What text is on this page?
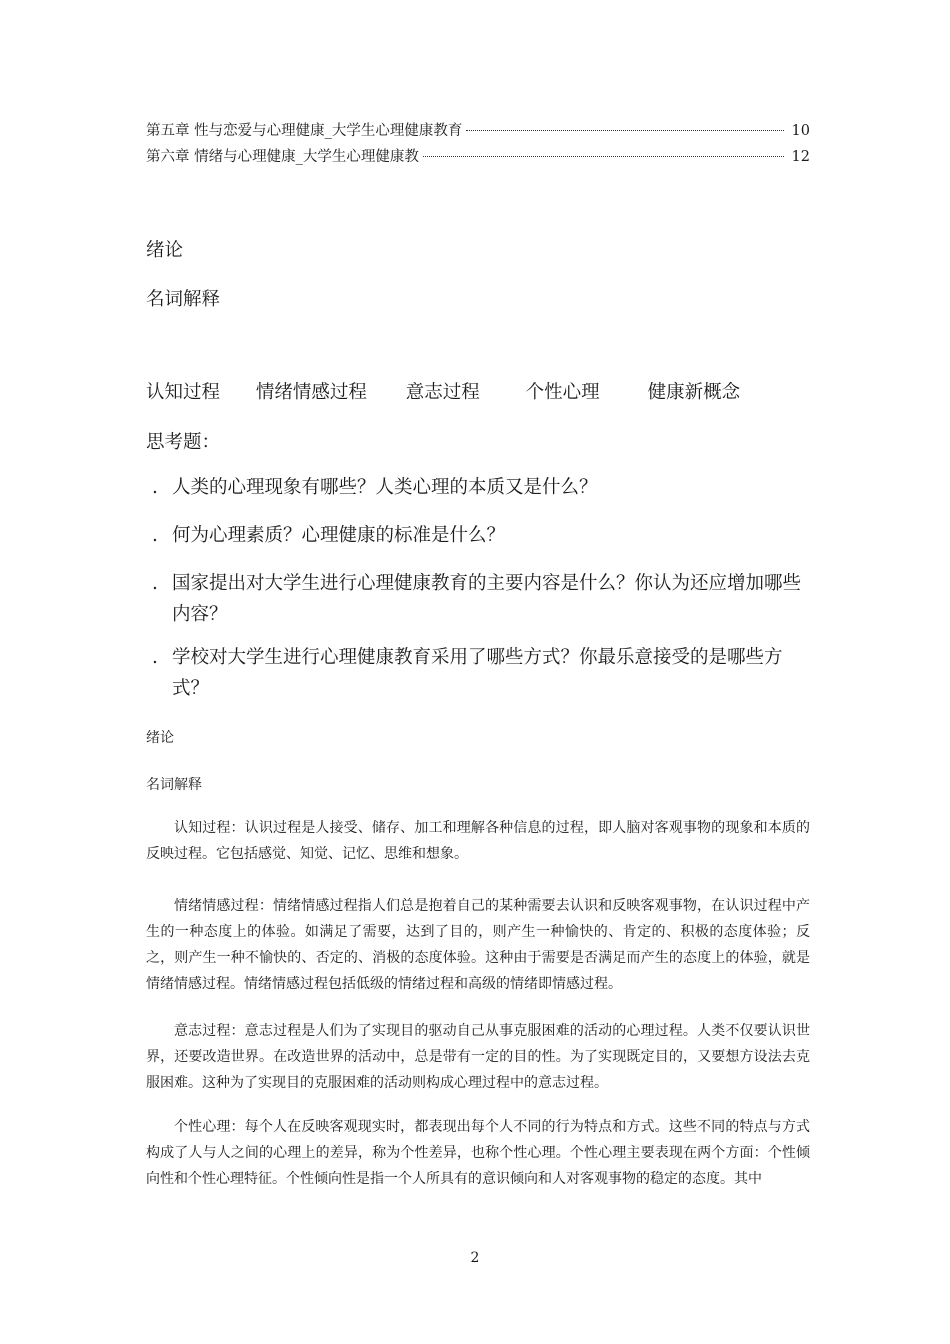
第五章 性与恋爱与心理健康_大学生心理健康教育	10
第六章 情绪与心理健康_大学生心理健康教	12
绪论
名词解释
认知过程 情绪情感过程 意志过程 个性心理	健康新概念
思考题：
. 人类的心理现象有哪些？人类心理的本质又是什么？
. 何为心理素质？心理健康的标准是什么？
. 国家提出对大学生进行心理健康教育的主要内容是什么？你认为还应增加哪些内容？
. 学校对大学生进行心理健康教育采用了哪些方式？你最乐意接受的是哪些方式？
绪论
名词解释

认知过程：认识过程是人接受、储存、加工和理解各种信息的过程，即人脑对客观事物的现象和本质的反映过程。它包括感觉、知觉、记忆、思维和想象。

情绪情感过程：情绪情感过程指人们总是抱着自己的某种需要去认识和反映客观事物，在认识过程中产生的一种态度上的体验。如满足了需要，达到了目的，则产生一种愉快的、肯定的、积极的态度体验；反之，则产生一种不愉快的、否定的、消极的态度体验。这种由于需要是否满足而产生的态度上的体验，就是情绪情感过程。情绪情感过程包括低级的情绪过程和高级的情绪即情感过程。

意志过程：意志过程是人们为了实现目的驱动自己从事克服困难的活动的心理过程。人类不仅要认识世界，还要改造世界。在改造世界的活动中，总是带有一定的目的性。为了实现既定目的，又要想方设法去克服困难。这种为了实现目的克服困难的活动则构成心理过程中的意志过程。

个性心理：每个人在反映客观现实时，都表现出每个人不同的行为特点和方式。这些不同的特点与方式构成了人与人之间的心理上的差异，称为个性差异，也称个性心理。个性心理主要表现在两个方面：个性倾向性和个性心理特征。个性倾向性是指一个人所具有的意识倾向和人对客观事物的稳定的态度。其中

2
